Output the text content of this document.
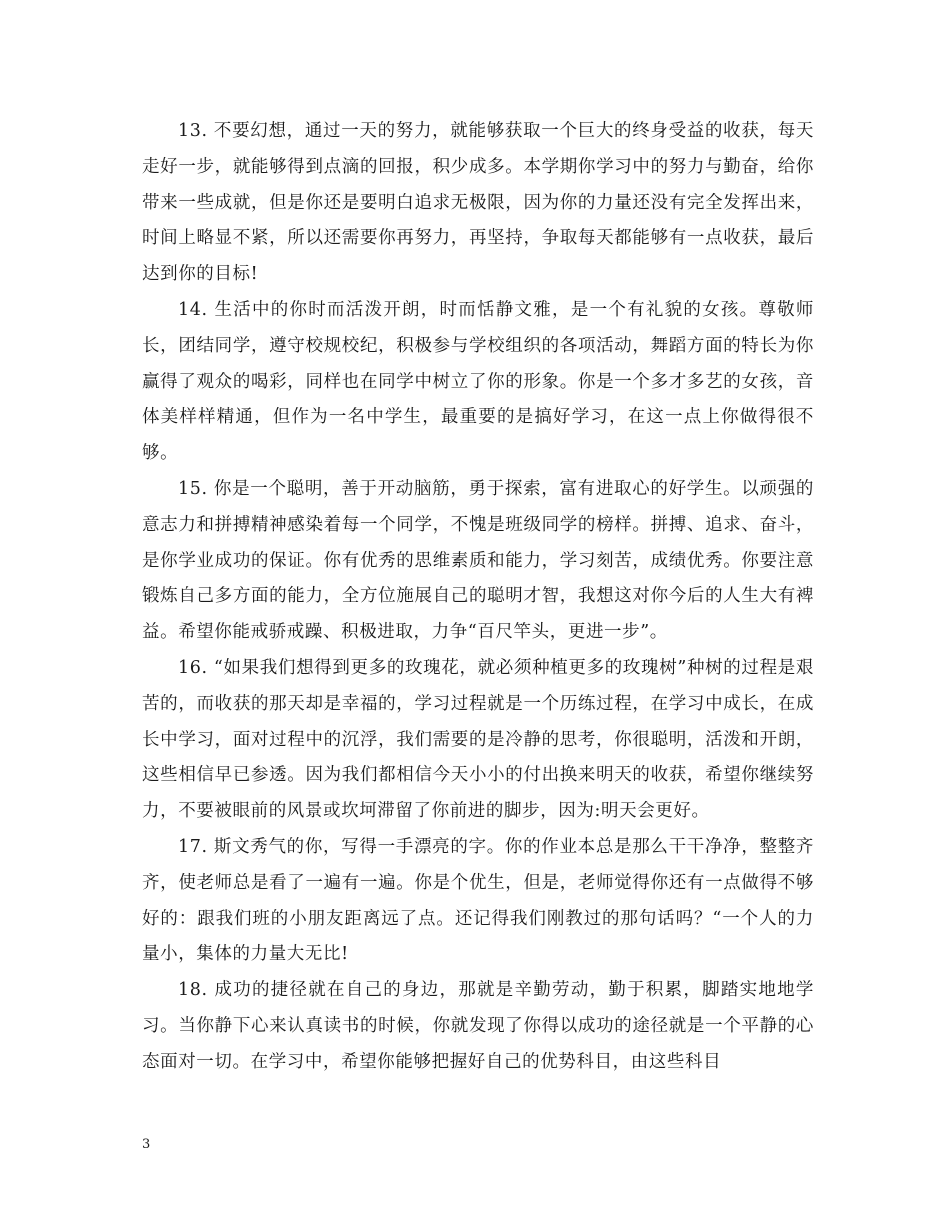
13. 不要幻想，通过一天的努力，就能够获取一个巨大的终身受益的收获，每天走好一步，就能够得到点滴的回报，积少成多。本学期你学习中的努力与勤奋，给你带来一些成就，但是你还是要明白追求无极限，因为你的力量还没有完全发挥出来，时间上略显不紧，所以还需要你再努力，再坚持，争取每天都能够有一点收获，最后达到你的目标!

14. 生活中的你时而活泼开朗，时而恬静文雅，是一个有礼貌的女孩。尊敬师长，团结同学，遵守校规校纪，积极参与学校组织的各项活动，舞蹈方面的特长为你赢得了观众的喝彩，同样也在同学中树立了你的形象。你是一个多才多艺的女孩，音体美样样精通，但作为一名中学生，最重要的是搞好学习，在这一点上你做得很不够。

15. 你是一个聪明，善于开动脑筋，勇于探索，富有进取心的好学生。以顽强的意志力和拼搏精神感染着每一个同学，不愧是班级同学的榜样。拼搏、追求、奋斗，是你学业成功的保证。你有优秀的思维素质和能力，学习刻苦，成绩优秀。你要注意锻炼自己多方面的能力，全方位施展自己的聪明才智，我想这对你今后的人生大有裨益。希望你能戒骄戒躁、积极进取，力争“百尺竿头，更进一步”。

16. “如果我们想得到更多的玫瑰花，就必须种植更多的玫瑰树”种树的过程是艰苦的，而收获的那天却是幸福的，学习过程就是一个历练过程，在学习中成长，在成长中学习，面对过程中的沉浮，我们需要的是冷静的思考，你很聪明，活泼和开朗，这些相信早已参透。因为我们都相信今天小小的付出换来明天的收获，希望你继续努力，不要被眼前的风景或坎坷滞留了你前进的脚步，因为:明天会更好。

17. 斯文秀气的你，写得一手漂亮的字。你的作业本总是那么干干净净，整整齐齐，使老师总是看了一遍有一遍。你是个优生，但是，老师觉得你还有一点做得不够好的：跟我们班的小朋友距离远了点。还记得我们刚教过的那句话吗？“一个人的力量小，集体的力量大无比!

18. 成功的捷径就在自己的身边，那就是辛勤劳动，勤于积累，脚踏实地地学习。当你静下心来认真读书的时候，你就发现了你得以成功的途径就是一个平静的心态面对一切。在学习中，希望你能够把握好自己的优势科目，由这些科目

3
